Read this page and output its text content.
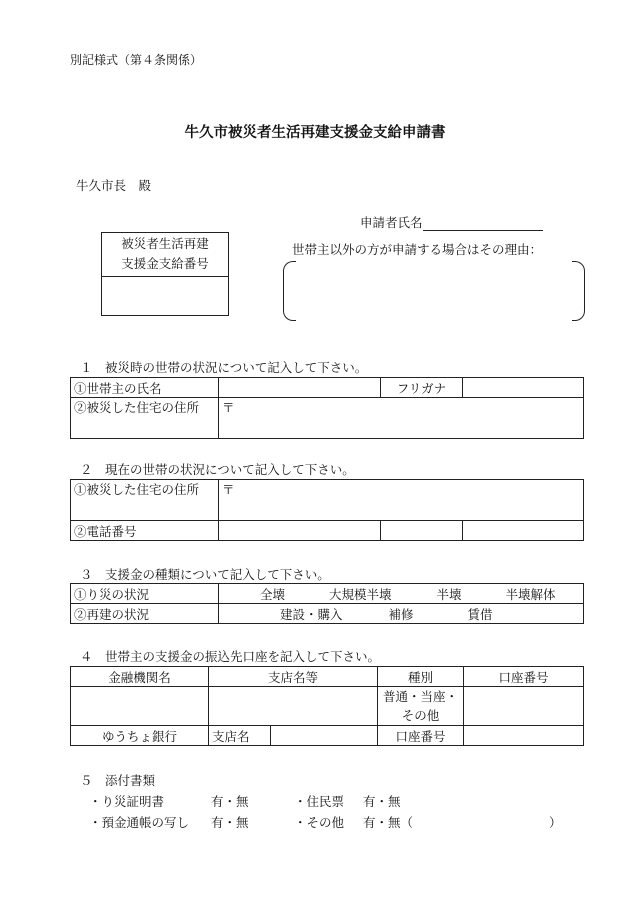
別記様式（第４条関係）
牛久市被災者生活再建支援金支給申請書
牛久市長　殿
申請者氏名
被災者生活再建
支援金支給番号
世帯主以外の方が申請する場合はその理由：
１　被災時の世帯の状況について記入して下さい。
①世帯主の氏名		フリガナ	
②被災した住宅の住所	〒		
２　現在の世帯の状況について記入して下さい。
①被災した住宅の住所	〒		
②電話番号			
３　支援金の種類について記入して下さい。
①り災の状況	全壊 大規模半壊 半壊 半壊解体
②再建の状況	建設・購入 補修 賃借
４　世帯主の支援金の振込先口座を記入して下さい。
金融機関名	支店名等		種別	口座番号

			普通・当座・
その他	

ゆうちょ銀行	支店名		口座番号	
５　添付書類
・り災証明書	有・無	・住民票 有・無
・預金通帳の写し 有・無	・その他 有・無（	）
